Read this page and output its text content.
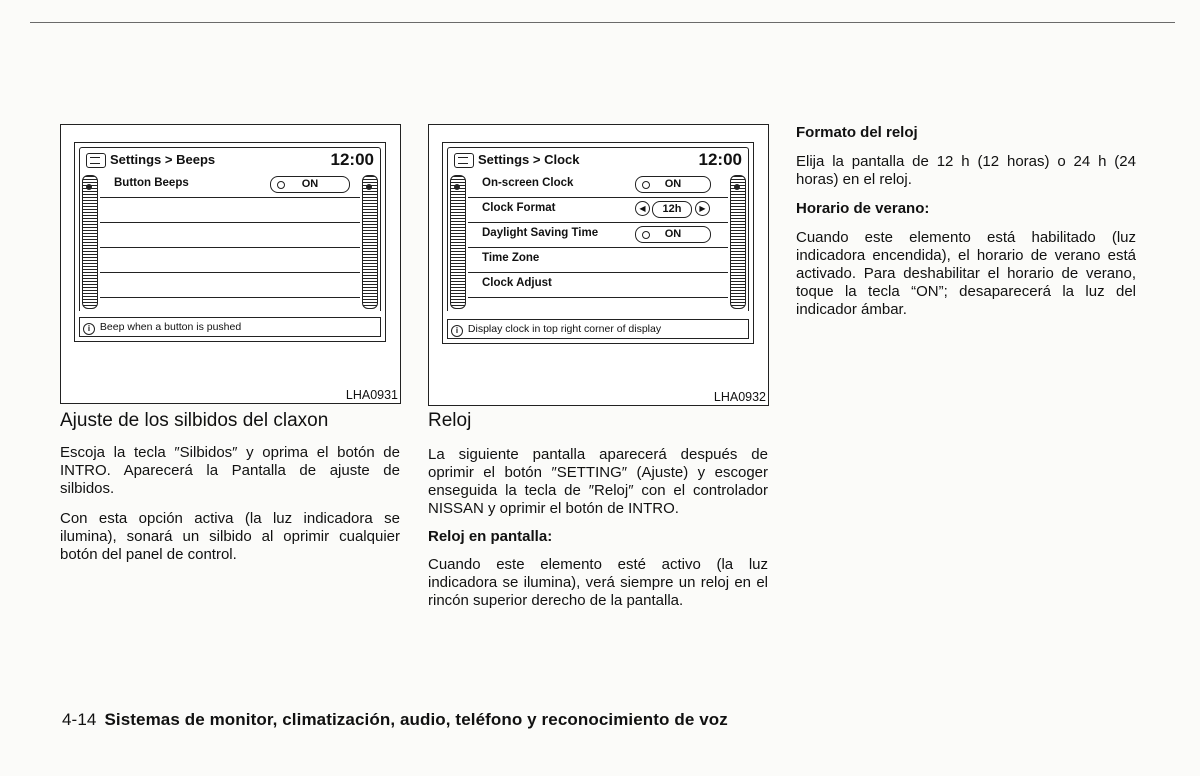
Settings > Beeps	12:00
Button Beeps	ON
i Beep when a button is pushed
LHA0931
Settings > Clock	12:00
On-screen Clock	ON
Clock Format	◀	12h	▶
Daylight Saving Time	ON
Time Zone
Clock Adjust
i Display clock in top right corner of display
LHA0932
Ajuste de los silbidos del claxon
Escoja la tecla ″Silbidos″ y oprima el botón de INTRO. Aparecerá la Pantalla de ajuste de silbidos.
Con esta opción activa (la luz indicadora se ilumina), sonará un silbido al oprimir cualquier botón del panel de control.
Reloj
La siguiente pantalla aparecerá después de oprimir el botón ″SETTING″ (Ajuste) y escoger enseguida la tecla de ″Reloj″ con el controlador NISSAN y oprimir el botón de INTRO.
Reloj en pantalla:
Cuando este elemento esté activo (la luz indicadora se ilumina), verá siempre un reloj en el rincón superior derecho de la pantalla.
Formato del reloj
Elija la pantalla de 12 h (12 horas) o 24 h (24 horas) en el reloj.
Horario de verano:
Cuando este elemento está habilitado (luz indicadora encendida), el horario de verano está activado. Para deshabilitar el horario de verano, toque la tecla “ON”; desaparecerá la luz del indicador ámbar.
4-14 Sistemas de monitor, climatización, audio, teléfono y reconocimiento de voz
